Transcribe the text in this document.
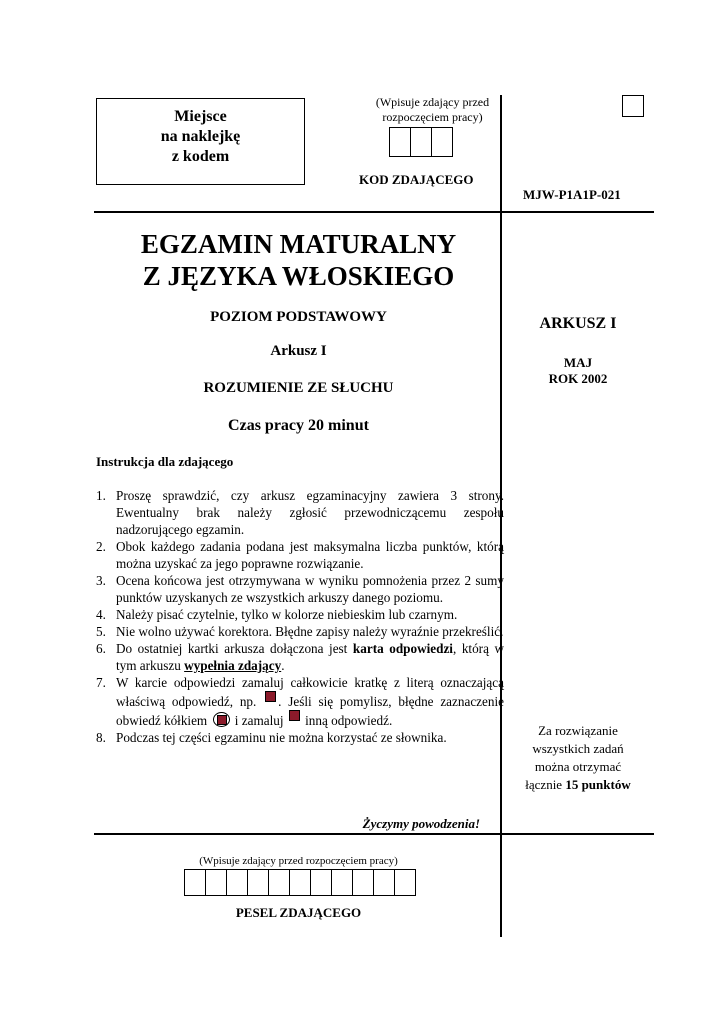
Miejsce
na naklejkę
z kodem
(Wpisuje zdający przed
rozpoczęciem pracy)
KOD ZDAJĄCEGO
MJW-P1A1P-021
EGZAMIN MATURALNY
Z JĘZYKA WŁOSKIEGO
POZIOM PODSTAWOWY
Arkusz I
ROZUMIENIE ZE SŁUCHU
Czas pracy 20 minut
ARKUSZ I
MAJ
ROK 2002
Za rozwiązanie
wszystkich zadań
można otrzymać
łącznie 15 punktów
Instrukcja dla zdającego
1. Proszę sprawdzić, czy arkusz egzaminacyjny zawiera 3 strony. Ewentualny brak należy zgłosić przewodniczącemu zespołu nadzorującego egzamin.
2. Obok każdego zadania podana jest maksymalna liczba punktów, którą można uzyskać za jego poprawne rozwiązanie.
3. Ocena końcowa jest otrzymywana w wyniku pomnożenia przez 2 sumy punktów uzyskanych ze wszystkich arkuszy danego poziomu.
4. Należy pisać czytelnie, tylko w kolorze niebieskim lub czarnym.
5. Nie wolno używać korektora. Błędne zapisy należy wyraźnie przekreślić.
6. Do ostatniej kartki arkusza dołączona jest karta odpowiedzi, którą w tym arkuszu wypełnia zdający.
7. W karcie odpowiedzi zamaluj całkowicie kratkę z literą oznaczającą właściwą odpowiedź, np. . Jeśli się pomylisz, błędne zaznaczenie obwiedź kółkiem  i zamaluj  inną odpowiedź.
8. Podczas tej części egzaminu nie można korzystać ze słownika.
Życzymy powodzenia!
(Wpisuje zdający przed rozpoczęciem pracy)
PESEL ZDAJĄCEGO
